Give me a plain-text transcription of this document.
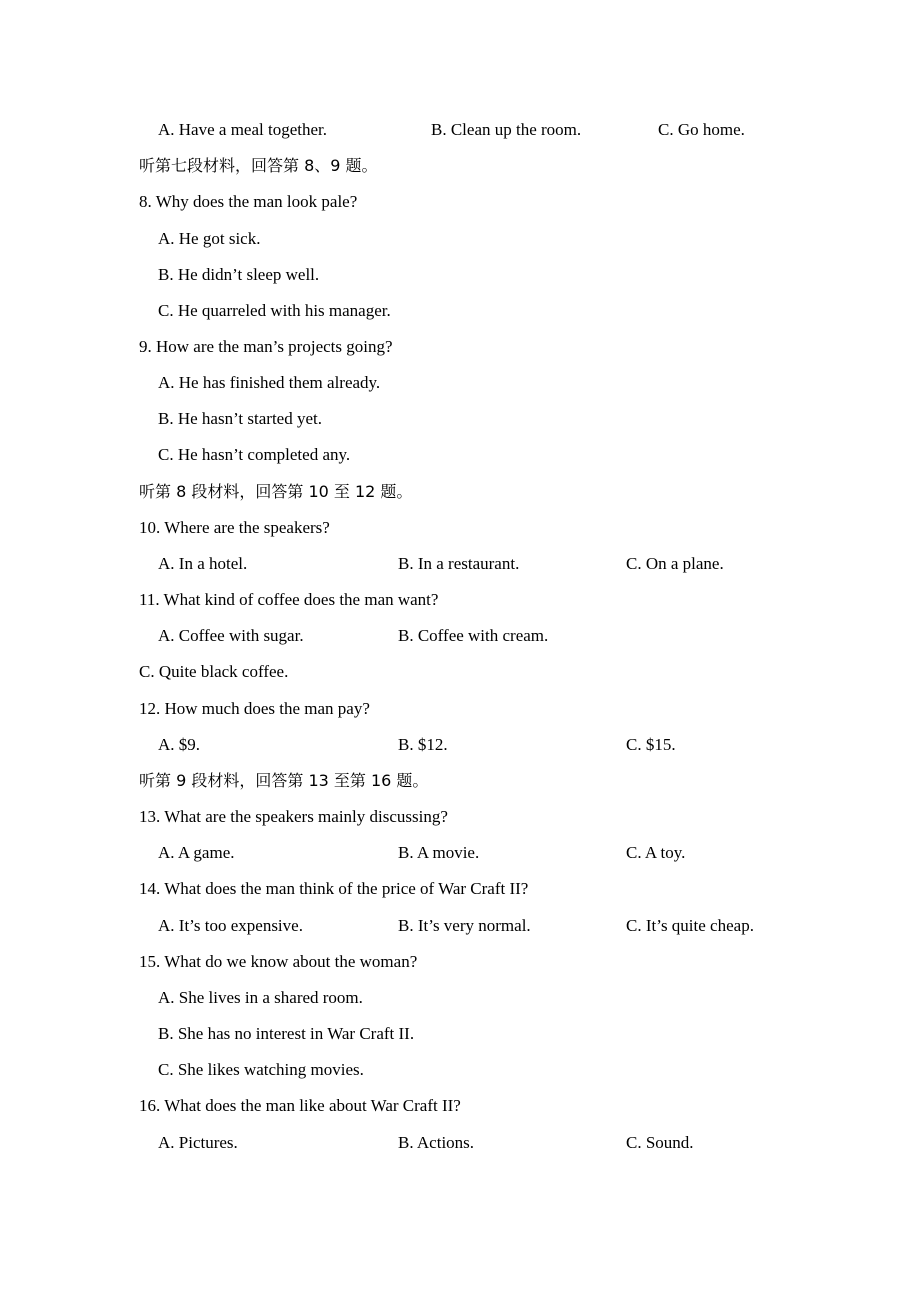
A. Have a meal together.	B. Clean up the room.	C. Go home.
听第七段材料，回答第 8、9 题。
8. Why does the man look pale?
A. He got sick.
B. He didn’t sleep well.
C. He quarreled with his manager.
9. How are the man’s projects going?
A. He has finished them already.
B. He hasn’t started yet.
C. He hasn’t completed any.
听第 8 段材料，回答第 10 至 12 题。
10. Where are the speakers?
A. In a hotel.	B. In a restaurant.	C. On a plane.
11. What kind of coffee does the man want?
A. Coffee with sugar.	B. Coffee with cream.
C. Quite black coffee.
12. How much does the man pay?
A. $9.	B. $12.	C. $15.
听第 9 段材料，回答第 13 至第 16 题。
13. What are the speakers mainly discussing?
A. A game.	B. A movie.	C. A toy.
14. What does the man think of the price of War Craft II?
A. It’s too expensive.	B. It’s very normal.	C. It’s quite cheap.
15. What do we know about the woman?
A. She lives in a shared room.
B. She has no interest in War Craft II.
C. She likes watching movies.
16. What does the man like about War Craft II?
A. Pictures.	B. Actions.	C. Sound.
